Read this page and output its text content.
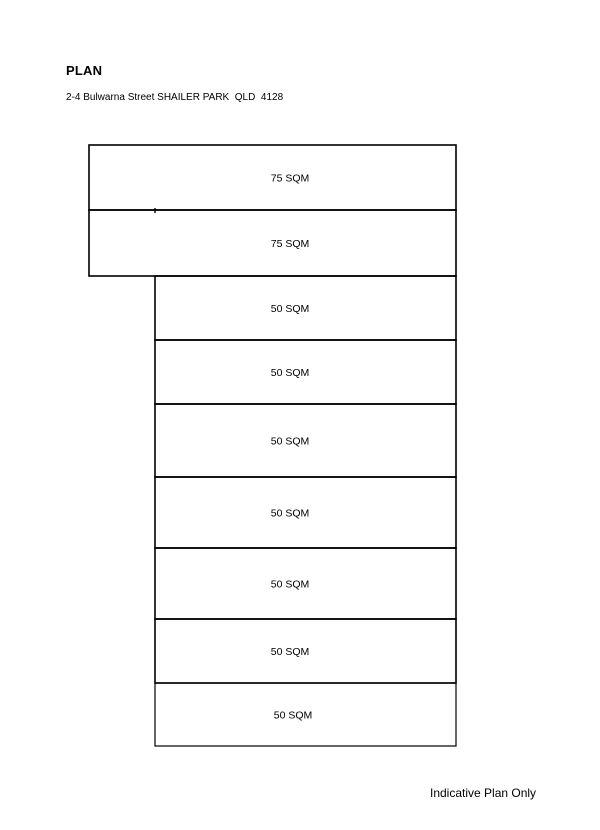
PLAN
2-4 Bulwarna Street SHAILER PARK  QLD  4128
75 SQM
75 SQM
50 SQM
50 SQM
50 SQM
50 SQM
50 SQM
50 SQM
50 SQM
Indicative Plan Only
